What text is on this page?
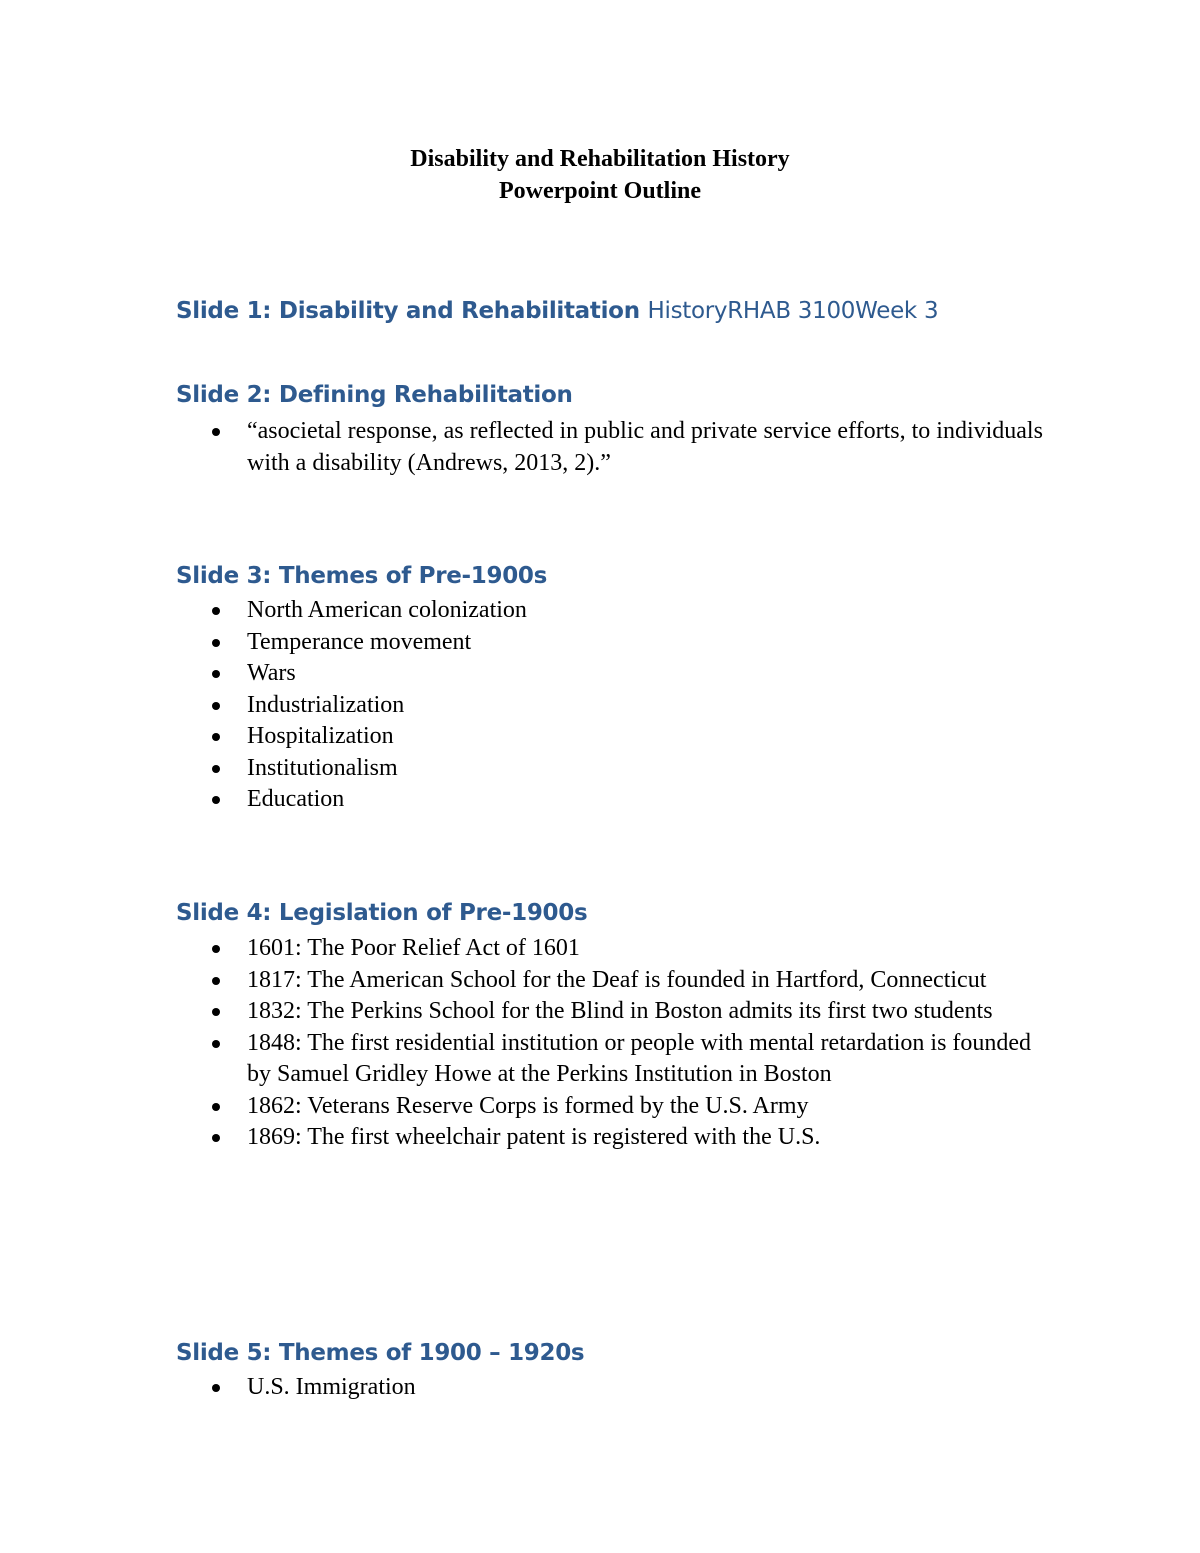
Disability and Rehabilitation History
Powerpoint Outline
Slide 1: Disability and Rehabilitation HistoryRHAB 3100Week 3
Slide 2: Defining Rehabilitation
“asocietal response, as reflected in public and private service efforts, to individuals with a disability (Andrews, 2013, 2).”
Slide 3: Themes of Pre-1900s
North American colonization
Temperance movement
Wars
Industrialization
Hospitalization
Institutionalism
Education
Slide 4: Legislation of Pre-1900s
1601: The Poor Relief Act of 1601
1817: The American School for the Deaf is founded in Hartford, Connecticut
1832: The Perkins School for the Blind in Boston admits its first two students
1848: The first residential institution or people with mental retardation is founded by Samuel Gridley Howe at the Perkins Institution in Boston
1862: Veterans Reserve Corps is formed by the U.S. Army
1869: The first wheelchair patent is registered with the U.S.
Slide 5: Themes of 1900 – 1920s
U.S. Immigration
